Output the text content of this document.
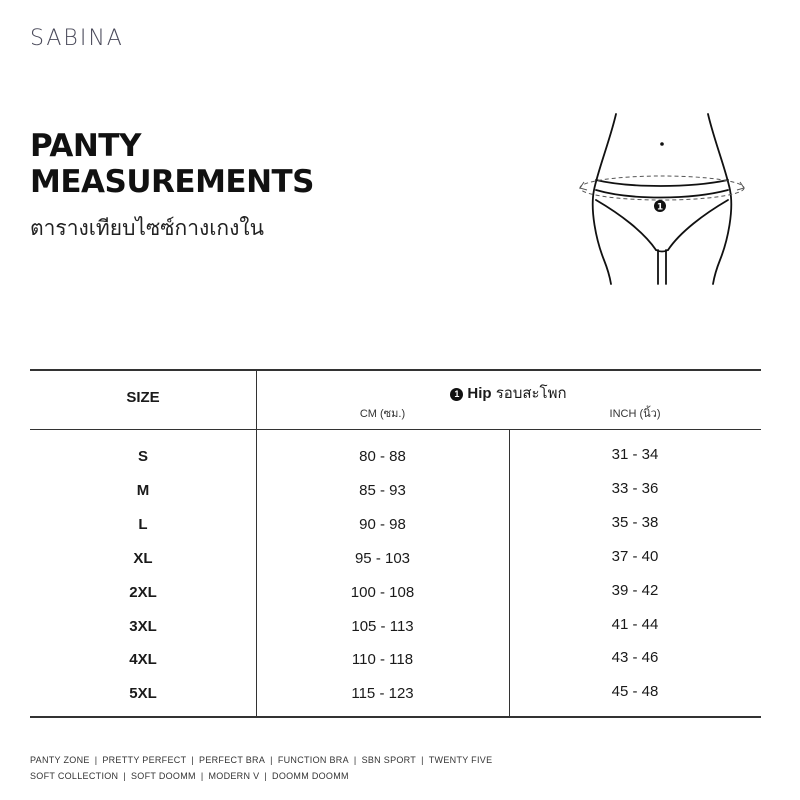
SABINA
PANTY
MEASUREMENTS
ตารางเทียบไซซ์กางเกงใน
1
SIZE	1 Hip รอบสะโพก
CM (ซม.)	INCH (นิ้ว)
S	80 - 88	31 - 34
M	85 - 93	33 - 36
L	90 - 98	35 - 38
XL	95 - 103	37 - 40
2XL	100 - 108	39 - 42
3XL	105 - 113	41 - 44
4XL	110 - 118	43 - 46
5XL	115 - 123	45 - 48
PANTY ZONE | PRETTY PERFECT | PERFECT BRA | FUNCTION BRA | SBN SPORT | TWENTY FIVE
SOFT COLLECTION | SOFT DOOMM | MODERN V | DOOMM DOOMM
